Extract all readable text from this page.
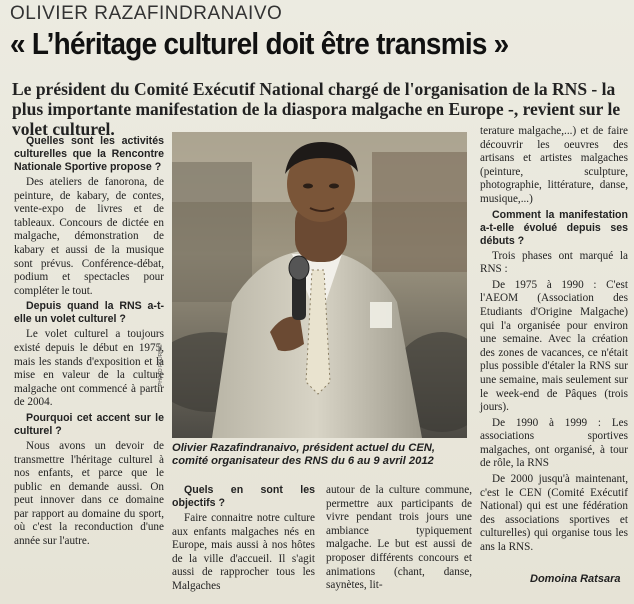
OLIVIER RAZAFINDRANAIVO
« L’héritage culturel doit être transmis »
Le président du Comité Exécutif National chargé de l'organisation de la RNS - la plus importante manifestation de la diaspora malgache en Europe -, revient sur le volet culturel.
Quelles sont les activités culturelles que la Rencontre Nationale Sportive propose ?
Des ateliers de fanorona, de peinture, de kabary, de contes, vente-expo de livres et de tableaux. Concours de dictée en malgache, démonstration de kabary et aussi de la musique sont prévus. Conférence-débat, podium et spectacles pour compléter le tout.
Depuis quand la RNS a-t-elle un volet culturel ?
Le volet culturel a toujours existé depuis le début en 1975, mais les stands d'exposition et la mise en valeur de la culture malgache ont commencé à partir de 2004.
Pourquoi cet accent sur le culturel ?
Nous avons un devoir de transmettre l'héritage culturel à nos enfants, et parce que le public en demande aussi. On peut innover dans ce domaine par rapport au domaine du sport, où c'est la reconduction d'une année sur l'autre.
PHOTO FOURNIE
Olivier Razafindranaivo, président actuel du CEN, comité organisateur des RNS du 6 au 9 avril 2012
Quels en sont les objectifs ?
Faire connaitre notre culture aux enfants malgaches nés en Europe, mais aussi à nos hôtes de la ville d'accueil. Il s'agit aussi de rapprocher tous les Malgaches
autour de la culture commune, permettre aux participants de vivre pendant trois jours une ambiance typiquement malgache. Le but est aussi de proposer différents concours et animations (chant, danse, saynètes, lit-
terature malgache,...) et de faire découvrir les oeuvres des artisans et artistes malgaches (peinture, sculpture, photographie, littérature, danse, musique,...)
Comment la manifestation a-t-elle évolué depuis ses débuts ?
Trois phases ont marqué la RNS :
De 1975 à 1990 : C'est l'AEOM (Association des Etudiants d'Origine Malgache) qui l'a organisée pour environ une semaine. Avec la création des zones de vacances, ce n'était plus possible d'étaler la RNS sur une semaine, mais seulement sur le week-end de Pâques (trois jours).
De 1990 à 1999 : Les associations sportives malgaches, ont organisé, à tour de rôle, la RNS
De 2000 jusqu'à maintenant, c'est le CEN (Comité Exécutif National) qui est une fédération des associations sportives et culturelles) qui organise tous les ans la RNS.
Domoina Ratsara
